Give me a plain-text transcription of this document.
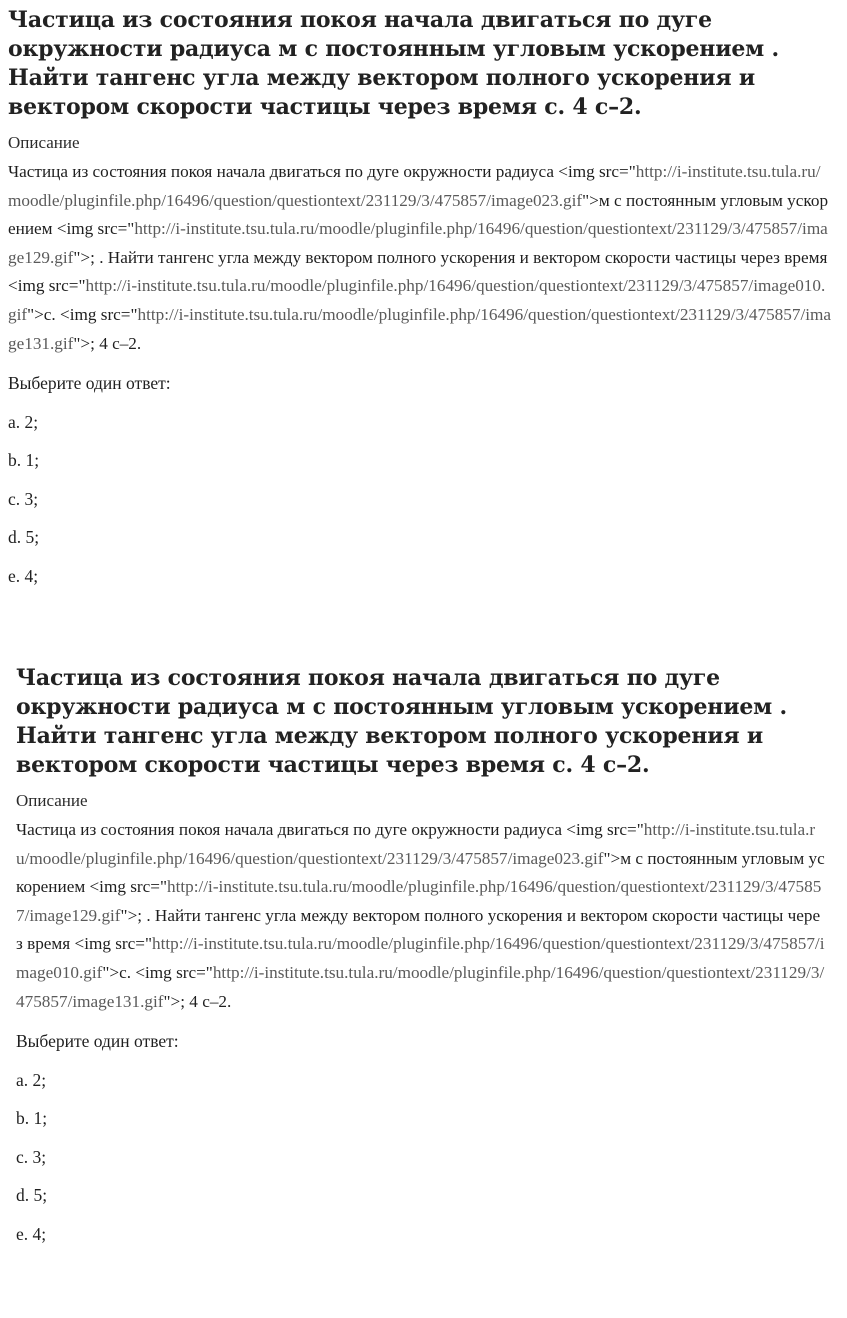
Частица из состояния покоя начала двигаться по дуге окружности радиуса м с постоянным угловым ускорением . Найти тангенс угла между вектором полного ускорения и вектором скорости частицы через время с. 4 с–2.
Описание

Частица из состояния покоя начала двигаться по дуге окружности радиуса <img src="http://i-institute.tsu.tula.ru/moodle/pluginfile.php/16496/question/questiontext/231129/3/475857/image023.gif">м с постоянным угловым ускорением <img src="http://i-institute.tsu.tula.ru/moodle/pluginfile.php/16496/question/questiontext/231129/3/475857/image129.gif">; . Найти тангенс угла между вектором полного ускорения и вектором скорости частицы через время <img src="http://i-institute.tsu.tula.ru/moodle/pluginfile.php/16496/question/questiontext/231129/3/475857/image010.gif">с. <img src="http://i-institute.tsu.tula.ru/moodle/pluginfile.php/16496/question/questiontext/231129/3/475857/image131.gif">; 4 с–2.

Выберите один ответ:
a. 2;
b. 1;
c. 3;
d. 5;
e. 4;
Частица из состояния покоя начала двигаться по дуге окружности радиуса м с постоянным угловым ускорением . Найти тангенс угла между вектором полного ускорения и вектором скорости частицы через время с. 4 с–2.
Описание

Частица из состояния покоя начала двигаться по дуге окружности радиуса <img src="http://i-institute.tsu.tula.ru/moodle/pluginfile.php/16496/question/questiontext/231129/3/475857/image023.gif">м с постоянным угловым ускорением <img src="http://i-institute.tsu.tula.ru/moodle/pluginfile.php/16496/question/questiontext/231129/3/475857/image129.gif">; . Найти тангенс угла между вектором полного ускорения и вектором скорости частицы через время <img src="http://i-institute.tsu.tula.ru/moodle/pluginfile.php/16496/question/questiontext/231129/3/475857/image010.gif">с. <img src="http://i-institute.tsu.tula.ru/moodle/pluginfile.php/16496/question/questiontext/231129/3/475857/image131.gif">; 4 с–2.

Выберите один ответ:
a. 2;
b. 1;
c. 3;
d. 5;
e. 4;
